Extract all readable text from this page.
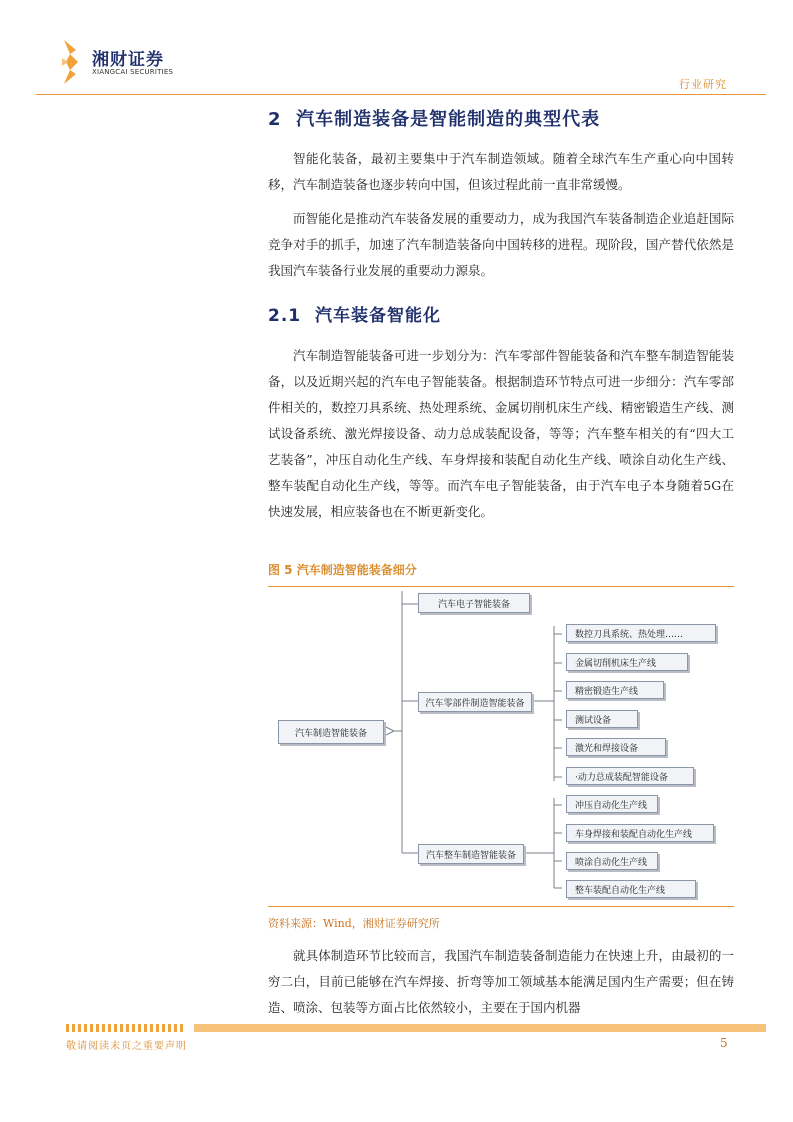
湘财证券
XIANGCAI SECURITIES
行业研究
2 汽车制造装备是智能制造的典型代表

智能化装备，最初主要集中于汽车制造领域。随着全球汽车生产重心向中国转移，汽车制造装备也逐步转向中国，但该过程此前一直非常缓慢。

而智能化是推动汽车装备发展的重要动力，成为我国汽车装备制造企业追赶国际竞争对手的抓手，加速了汽车制造装备向中国转移的进程。现阶段，国产替代依然是我国汽车装备行业发展的重要动力源泉。

2.1 汽车装备智能化

汽车制造智能装备可进一步划分为：汽车零部件智能装备和汽车整车制造智能装备，以及近期兴起的汽车电子智能装备。根据制造环节特点可进一步细分：汽车零部件相关的，数控刀具系统、热处理系统、金属切削机床生产线、精密锻造生产线、测试设备系统、激光焊接设备、动力总成装配设备，等等；汽车整车相关的有“四大工艺装备”，冲压自动化生产线、车身焊接和装配自动化生产线、喷涂自动化生产线、整车装配自动化生产线，等等。而汽车电子智能装备，由于汽车电子本身随着5G在快速发展，相应装备也在不断更新变化。

图 5 汽车制造智能装备细分
汽车制造智能装备
汽车电子智能装备
汽车零部件制造智能装备
汽车整车制造智能装备
数控刀具系统、热处理……
金属切削机床生产线
精密锻造生产线
测试设备
激光和焊接设备
·动力总成装配智能设备
冲压自动化生产线
车身焊接和装配自动化生产线
喷涂自动化生产线
整车装配自动化生产线
资料来源：Wind，湘财证券研究所

就具体制造环节比较而言，我国汽车制造装备制造能力在快速上升，由最初的一穷二白，目前已能够在汽车焊接、折弯等加工领域基本能满足国内生产需要；但在铸造、喷涂、包装等方面占比依然较小，主要在于国内机器

敬请阅读末页之重要声明	5
